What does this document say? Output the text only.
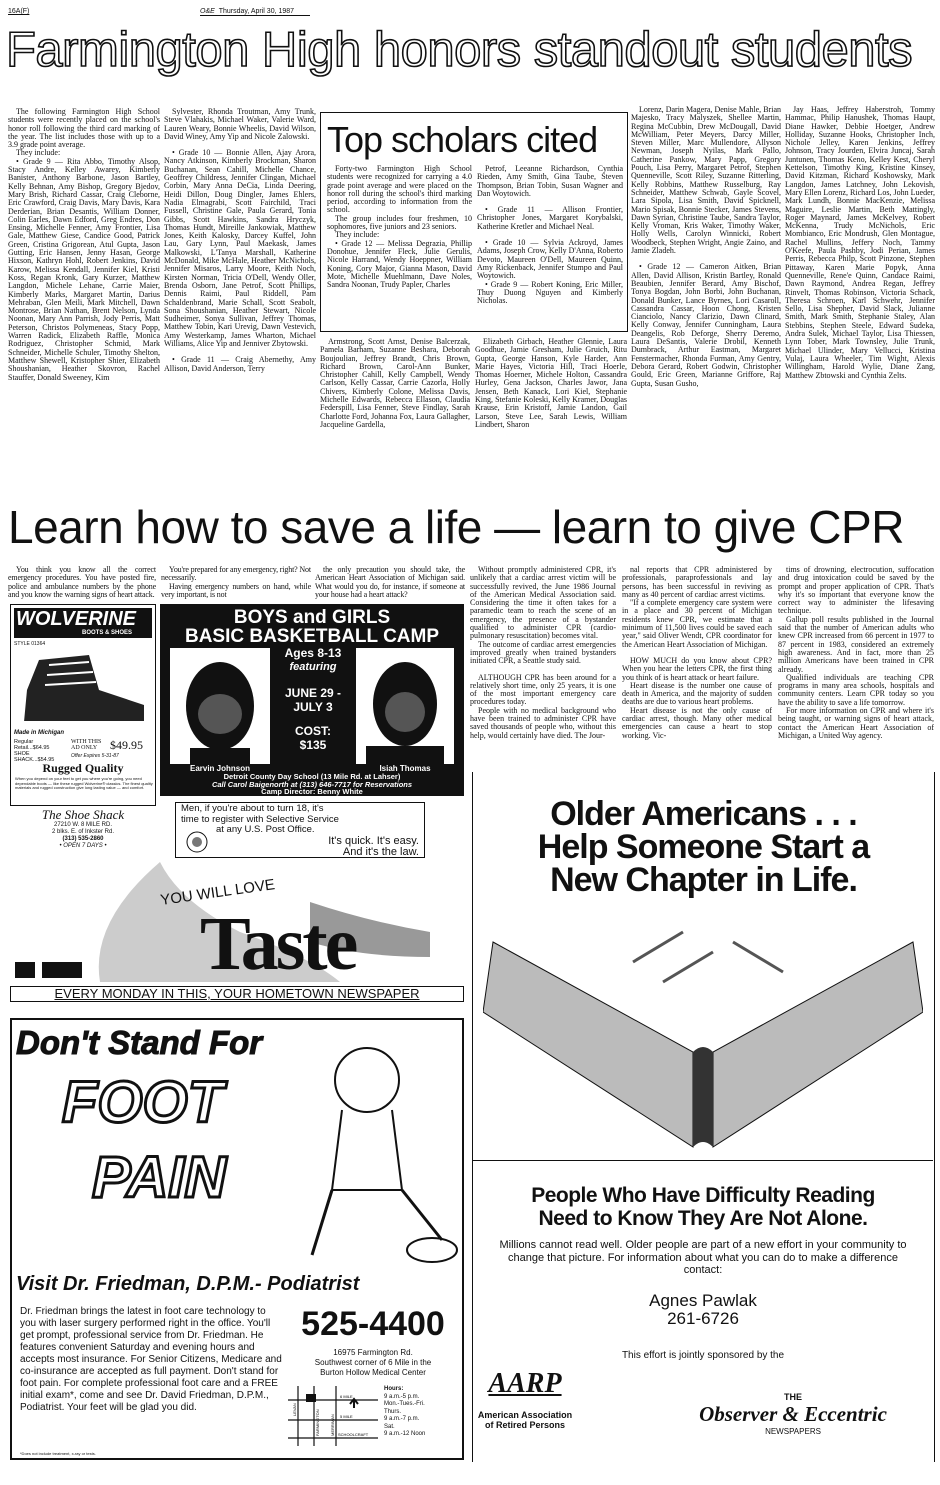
16A(F)	O&E Thursday, April 30, 1987
Farmington High honors standout students

The following Farmington High School students were recently placed on the school's honor roll following the third card marking of the year. The list includes those with up to a 3.9 grade point average.

They include:

• Grade 9 — Rita Abbo, Timothy Alsop, Stacy Andre, Kelley Awarey, Kimberly Banister, Anthony Barbone, Jason Bartley, Kelly Behnan, Amy Bishop, Gregory Bjedov, Mary Brish, Richard Cassar, Craig Cleborne, Eric Crawford, Craig Davis, Mary Davis, Kara Derderian, Brian Desantis, William Donner, Colin Earles, Dawn Edford, Greg Endres, Don Ensing, Michelle Fenner, Amy Frontier, Lisa Gale, Matthew Giese, Candice Good, Patrick Green, Cristina Grigorean, Atul Gupta, Jason Gutting, Eric Hansen, Jenny Hasan, George Hixson, Kathryn Hohl, Robert Jenkins, David Karow, Melissa Kendall, Jennifer Kiel, Kristi Koss, Regan Kronk, Gary Kurzer, Matthew Langdon, Michele Lehane, Carrie Maier, Kimberly Marks, Margaret Martin, Darius Mehraban, Glen Meili, Mark Mitchell, Dawn Montrose, Brian Nathan, Brent Nelson, Lynda Noonan, Mary Ann Parrish, Jody Perris, Matt Peterson, Christos Polymeneas, Stacy Popp, Warren Radick, Elizabeth Raffle, Monica Rodriguez, Christopher Schmid, Mark Schneider, Michelle Schuler, Timothy Shelton, Matthew Shewell, Kristopher Shier, Elizabeth Shoushanian, Heather Skovron, Rachel Stauffer, Donald Sweeney, Kim

Sylvester, Rhonda Troutman, Amy Trunk, Steve Vlahakis, Michael Waker, Valerie Ward, Lauren Weary, Bonnie Wheelis, David Wilson, David Winey, Amy Yip and Nicole Zalowski.

• Grade 10 — Bonnie Allen, Ajay Arora, Nancy Atkinson, Kimberly Brockman, Sharon Buchanan, Sean Cahill, Michelle Chance, Geoffrey Childress, Jennifer Clingan, Michael Corbin, Mary Anna DeCia, Linda Deering, Heidi Dillon, Doug Dingler, James Ehlers, Nadia Elmagrabi, Scott Fairchild, Traci Fussell, Christine Gale, Paula Gerard, Tonia Gibbs, Scott Hawkins, Sandra Hryczyk, Thomas Hundt, Mireille Jankowiak, Matthew Jones, Keith Kalosky, Darcey Kuffel, John Lau, Gary Lynn, Paul Maekask, James Malkowski, L'Tanya Marshall, Katherine McDonald, Mike McHale, Heather McNichols, Jennifer Misaros, Larry Moore, Keith Noch, Kirsten Norman, Tricia O'Dell, Wendy Oller, Brenda Osborn, Jane Petrof, Scott Phillips, Dennis Raimi, Paul Riddell, Pam Schaldenbrand, Marie Schall, Scott Seabolt, Sona Shoushanian, Heather Stewart, Nicole Sudheimer, Sonya Sullivan, Jeffrey Thomas, Matthew Tobin, Kari Urevig, Dawn Vestevich, Amy Westerkamp, James Wharton, Michael Williams, Alice Yip and Jenniver Zbytowski.

• Grade 11 — Craig Abernethy, Amy Allison, David Anderson, Terry

Top scholars cited

Forty-two Farmington High School students were recognized for carrying a 4.0 grade point average and were placed on the honor roll during the school's third marking period, according to information from the school.

The group includes four freshmen, 10 sophomores, five juniors and 23 seniors.

They include:

• Grade 12 — Melissa Degrazia, Phillip Donohue, Jennifer Fleck, Julie Gerulis, Nicole Harrand, Wendy Hoeppner, William Koning, Cory Major, Gianna Mason, David Mote, Michelle Muehlmann, Dave Noles, Sandra Noonan, Trudy Papler, Charles

Petrof, Leeanne Richardson, Cynthia Rieden, Amy Smith, Gina Taube, Steven Thompson, Brian Tobin, Susan Wagner and Dan Woytowich.

• Grade 11 — Allison Frontier, Christopher Jones, Margaret Korybalski, Katherine Kretler and Michael Neal.

• Grade 10 — Sylvia Ackroyd, James Adams, Joseph Crow, Kelly D'Anna, Roberto Devoto, Maureen O'Dell, Maureen Quinn, Amy Rickenback, Jennifer Stumpo and Paul Woytowich.

• Grade 9 — Robert Koning, Eric Miller, Thuy Duong Nguyen and Kimberly Nicholas.

Armstrong, Scott Arnst, Denise Balcerzak, Pamela Barham, Suzanne Beshara, Deborah Boujoulian, Jeffrey Brandt, Chris Brown, Richard Brown, Carol-Ann Bunker, Christopher Cahill, Kelly Campbell, Wendy Carlson, Kelly Cassar, Carrie Cazorla, Holly Chivers, Kimberly Colone, Melissa Davis, Michelle Edwards, Rebecca Ellason, Claudia Federspill, Lisa Fenner, Steve Findlay, Sarah Charlotte Ford, Johanna Fox, Laura Gallagher, Jacqueline Gardella,

Elizabeth Girbach, Heather Glennie, Laura Goodhue, Jamie Gresham, Julie Gruich, Ritu Gupta, George Hanson, Kyle Harder, Ann Marie Hayes, Victoria Hill, Traci Hoerle, Thomas Hoerner, Michele Holton, Cassandra Hurley, Gena Jackson, Charles Jawor, Jana Jensen, Beth Kanack, Lori Kiel, Stephanie King, Stefanie Koleski, Kelly Kramer, Douglas Krause, Erin Kristoff, Jamie Landon, Gail Larson, Steve Lee, Sarah Lewis, William Lindbert, Sharon

Lorenz, Darin Magera, Denise Mahle, Brian Majesko, Tracy Malyszek, Shellee Martin, Regina McCubbin, Drew McDougall, David McWilliam, Peter Meyers, Darcy Miller, Steven Miller, Marc Mullendore, Allyson Newman, Joseph Nyilas, Mark Pallo, Catherine Pankow, Mary Papp, Gregory Pouch, Lisa Perry, Margaret Petrof, Stephen Quenneville, Scott Riley, Suzanne Ritterling, Kelly Robbins, Matthew Russelburg, Ray Schneider, Matthew Schwab, Gayle Scovel, Lara Sipola, Lisa Smith, David Spicknell, Mario Spisak, Bonnie Stecker, James Stevens, Dawn Syrian, Christine Taube, Sandra Taylor, Kelly Vroman, Kris Waker, Timothy Waker, Holly Wells, Carolyn Winnicki, Robert Woodbeck, Stephen Wright, Angie Zaino, and Jamie Zladeh.

• Grade 12 — Cameron Aitken, Brian Allen, David Allison, Kristin Bartley, Ronald Beaubien, Jennifer Berard, Amy Bischof, Tonya Bogdan, John Borbi, John Buchanan, Donald Bunker, Lance Byrnes, Lori Casaroll, Cassandra Cassar, Hoon Chong, Kristen Cianciolo, Nancy Clarizio, Dawn Clinard, Kelly Conway, Jennifer Cunningham, Laura Deangelis, Rob Deforge, Sherry Deremo, Laura DeSantis, Valerie Drobil, Kenneth Dumbrack, Arthur Eastman, Margaret Fenstermacher, Rhonda Furman, Amy Gentry, Debora Gerard, Robert Godwin, Christopher Gould, Eric Green, Marianne Griffore, Raj Gupta, Susan Gusho,

Jay Haas, Jeffrey Haberstroh, Tommy Hammac, Philip Hanushek, Thomas Haupt, Diane Hawker, Debbie Hoetger, Andrew Holliday, Suzanne Hooks, Christopher Inch, Nichole Jelley, Karen Jenkins, Jeffrey Johnson, Tracy Jourden, Elvira Juncaj, Sarah Juntunen, Thomas Keno, Kelley Kest, Cheryl Kettelson, Timothy King, Kristine Kinsey, David Kitzman, Richard Koshowsky, Mark Langdon, James Latchney, John Lekovish, Mary Ellen Lorenz, Richard Los, John Lueder, Mark Lundh, Bonnie MacKenzie, Melissa Maguire, Leslie Martin, Beth Mattingly, Roger Maynard, James McKelvey, Robert McKenna, Trudy McNichols, Eric Mombianco, Eric Mondrush, Glen Montague, Rachel Mullins, Jeffery Noch, Tammy O'Keefe, Paula Pashby, Jodi Perian, James Perris, Rebecca Philp, Scott Pinzone, Stephen Pittaway, Karen Marie Popyk, Anna Quenneville, Rene'e Quinn, Candace Raimi, Dawn Raymond, Andrea Regan, Jeffrey Rinvelt, Thomas Robinson, Victoria Schack, Theresa Schroen, Karl Schwehr, Jennifer Sello, Lisa Shepher, David Slack, Julianne Smith, Mark Smith, Stephanie Staley, Alan Stebbins, Stephen Steele, Edward Sudeka, Andra Sulek, Michael Taylor, Lisa Thiessen, Lynn Tober, Mark Townsley, Julie Trunk, Michael Ulinder, Mary Vellucci, Kristina Vulaj, Laura Wheeler, Tim Wight, Alexis Willingham, Harold Wylie, Diane Zang, Matthew Zbtowski and Cynthia Zelts.

Learn how to save a life — learn to give CPR

You think you know all the correct emergency procedures. You have posted fire, police and ambulance numbers by the phone and you know the warning signs of heart attack.

You're prepared for any emergency, right? Not necessarily.

Having emergency numbers on hand, while very important, is not

the only precaution you should take, the American Heart Association of Michigan said. What would you do, for instance, if someone at your house had a heart attack?

Without promptly administered CPR, it's unlikely that a cardiac arrest victim will be successfully revived, the June 1986 Journal of the American Medical Association said. Considering the time it often takes for a paramedic team to reach the scene of an emergency, the presence of a bystander qualified to administer CPR (cardio-pulmonary resuscitation) becomes vital.

The outcome of cardiac arrest emergencies improved greatly when trained bystanders initiated CPR, a Seattle study said.

ALTHOUGH CPR has been around for a relatively short time, only 25 years, it is one of the most important emergency care procedures today.

People with no medical background who have been trained to administer CPR have saved thousands of people who, without this help, would certainly have died. The Jour-

nal reports that CPR administered by professionals, paraprofessionals and lay persons, has been successful in reviving as many as 40 percent of cardiac arrest victims.

"If a complete emergency care system were in a place and 30 percent of Michigan residents knew CPR, we estimate that a minimum of 11,500 lives could be saved each year," said Oliver Wendt, CPR coordinator for the American Heart Association of Michigan.

HOW MUCH do you know about CPR? When you hear the letters CPR, the first thing you think of is heart attack or heart failure.

Heart disease is the number one cause of death in America, and the majority of sudden deaths are due to various heart problems.

Heart disease is not the only cause of cardiac arrest, though. Many other medical emergencies can cause a heart to stop working. Vic-

tims of drowning, electrocution, suffocation and drug intoxication could be saved by the prompt and proper application of CPR. That's why it's so important that everyone know the correct way to administer the lifesaving technique.

Gallup poll results published in the Journal said that the number of American adults who knew CPR increased from 66 percent in 1977 to 87 percent in 1983, considered an extremely high awareness. And in fact, more than 25 million Americans have been trained in CPR already.

Qualified individuals are teaching CPR programs in many area schools, hospitals and community centers. Learn CPR today so you have the ability to save a life tomorrow.

For more information on CPR and where it's being taught, or warning signs of heart attack, contact the American Heart Association of Michigan, a United Way agency.

WOLVERINE
BOOTS & SHOES
STYLE 01364
Made in Michigan
Regular Retail...$64.95
SHOE SHACK...$54.95
WITH THIS AD ONLY	$49.95
Offer Expires 5-31-87
Rugged Quality
When you depend on your feet to get you where you're going, you need dependable boots — like these rugged Wolverine® classics. The finest quality materials and rugged construction give long lasting value — and comfort.
The Shoe Shack
27210 W. 8 MILE RD.
2 blks. E. of Inkster Rd.
(313) 535-2860
• OPEN 7 DAYS •
BOYS and GIRLS
BASIC BASKETBALL CAMP
Ages 8-13
featuring
JUNE 29 -
JULY 3
COST:
$135
Earvin Johnson	Isiah Thomas
Detroit County Day School (13 Mile Rd. at Lahser)
Call Carol Baigenorth at (313) 646-7717 for Reservations
Camp Director: Benny White
Men, if you're about to turn 18, it's
time to register with Selective Service
at any U.S. Post Office.
It's quick. It's easy.
And it's the law.
YOU WILL LOVE
Taste
EVERY MONDAY IN THIS, YOUR HOMETOWN NEWSPAPER
Don't Stand For
FOOT
PAIN
Visit Dr. Friedman, D.P.M.- Podiatrist
Dr. Friedman brings the latest in foot care technology to you with laser surgery performed right in the office. You'll get prompt, professional service from Dr. Friedman. He features convenient Saturday and evening hours and accepts most insurance. For Senior Citizens, Medicare and co-insurance are accepted as full payment. Don't stand for foot pain. For complete professional foot care and a FREE initial exam*, come and see Dr. David Friedman, D.P.M., Podiatrist. Your feet will be glad you did.
*Does not include treatment, x-ray or tests.
525-4400
16975 Farmington Rd.
Southwest corner of 6 Mile in the
Burton Hollow Medical Center
6 MILE
5 MILE
SCHOOLCRAFT
LEVAN	FARMINGTON	MERRIMAN
Hours:
9 a.m.-5 p.m.
Mon.-Tues.-Fri.
Thurs.
9 a.m.-7 p.m.
Sat.
9 a.m.-12 Noon
Older Americans . . .
Help Someone Start a
New Chapter in Life.
People Who Have Difficulty Reading
Need to Know They Are Not Alone.
Millions cannot read well. Older people are part of a new effort in your community to change that picture. For information about what you can do to make a difference contact:
Agnes Pawlak
261-6726
This effort is jointly sponsored by the
AARP
American Association
of Retired Persons
THE
Observer & Eccentric
NEWSPAPERS
